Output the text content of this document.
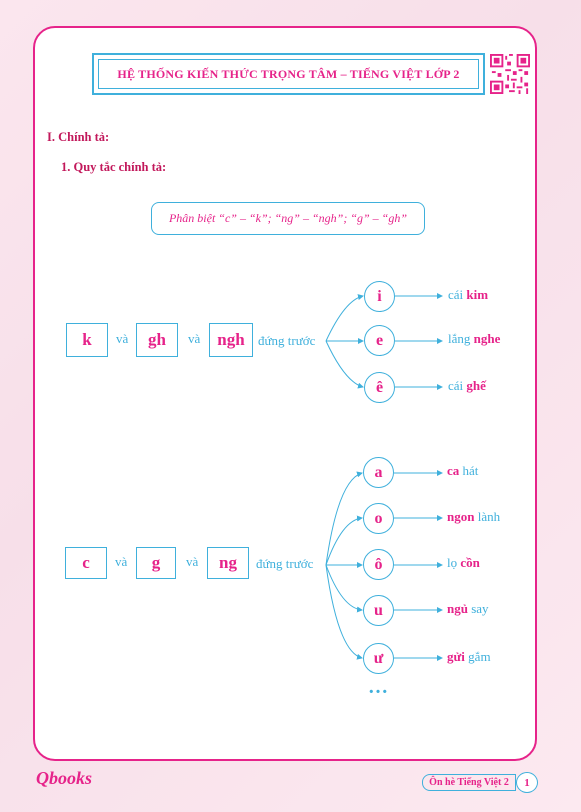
HỆ THỐNG KIẾN THỨC TRỌNG TÂM – TIẾNG VIỆT LỚP 2
I. Chính tả:
1. Quy tắc chính tả:
Phân biệt “c” – “k”; “ng” – “ngh”; “g” – “gh”
k	và	gh	và	ngh	đứng trước
i
e
ê
cái kim
lắng nghe
cái ghế
c	và	g	và	ng	đứng trước
a
o
ô
u
ư
ca hát
ngon lành
lọ cồn
ngủ say
gửi gắm
…
Qbooks	Ôn hè Tiếng Việt 2	1
